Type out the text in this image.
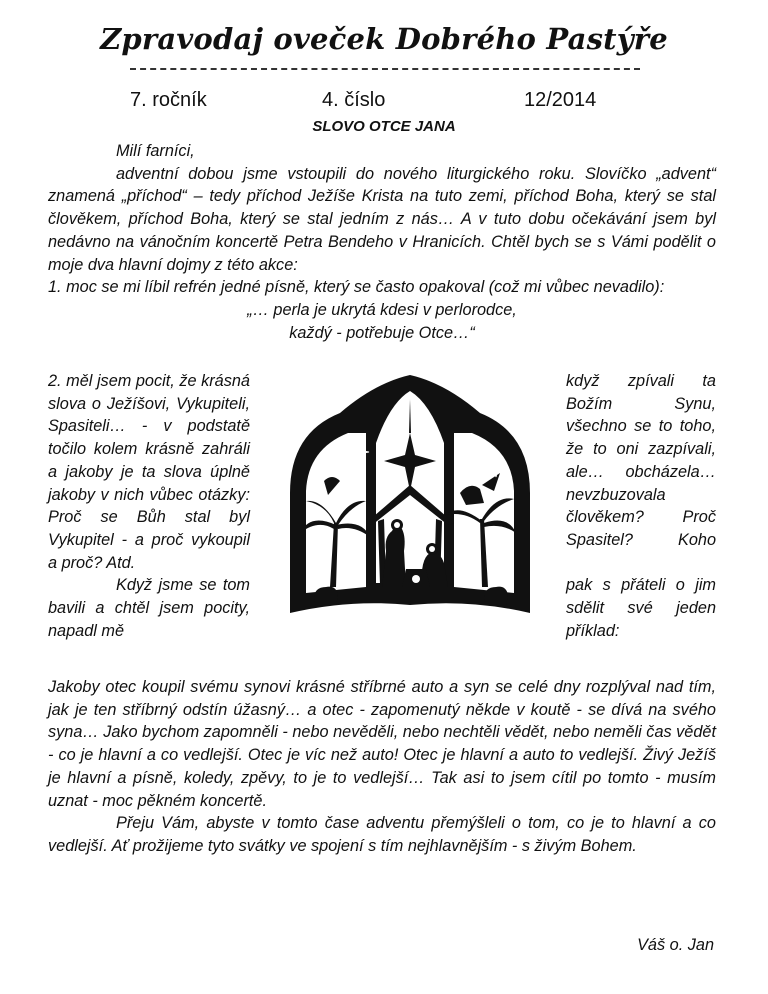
Zpravodaj oveček Dobrého Pastýře
7. ročník	4. číslo	12/2014
SLOVO OTCE JANA

Milí farníci,

adventní dobou jsme vstoupili do nového liturgického roku. Slovíčko „advent“ znamená „příchod“ – tedy příchod Ježíše Krista na tuto zemi, příchod Boha, který se stal člověkem, příchod Boha, který se stal jedním z nás… A v tuto dobu očekávání jsem byl nedávno na vánočním koncertě Petra Bendeho v Hranicích. Chtěl bych se s Vámi podělit o moje dva hlavní dojmy z této akce:

1. moc se mi líbil refrén jedné písně, který se často opakoval (což mi vůbec nevadilo):

„… perla je ukrytá kdesi v perlorodce,

každý - potřebuje Otce…“

2. měl jsem pocit, že krásná slova o Ježíšovi, Vykupiteli, Spasiteli… - v podstatě točilo kolem krásně zahráli a jakoby je ta slova úplně jakoby v nich vůbec otázky: Proč se Bůh stal byl Vykupitel - a proč vykoupil a proč? Atd.

Když jsme se tom bavili a chtěl jsem pocity, napadl mě

když zpívali ta Božím Synu, všechno se to toho, že to oni zazpívali, ale… obcházela… nevzbuzovala člověkem? Proč Spasitel? Koho

pak s přáteli o jim sdělit své jeden příklad:

Jakoby otec koupil svému synovi krásné stříbrné auto a syn se celé dny rozplýval nad tím, jak je ten stříbrný odstín úžasný… a otec - zapomenutý někde v koutě - se dívá na svého syna… Jako bychom zapomněli - nebo nevěděli, nebo nechtěli vědět, nebo neměli čas vědět - co je hlavní a co vedlejší. Otec je víc než auto! Otec je hlavní a auto to vedlejší. Živý Ježíš je hlavní a písně, koledy, zpěvy, to je to vedlejší… Tak asi to jsem cítil po tomto - musím uznat - moc pěkném koncertě.

Přeju Vám, abyste v tomto čase adventu přemýšleli o tom, co je to hlavní a co vedlejší. Ať prožijeme tyto svátky ve spojení s tím nejhlavnějším - s živým Bohem.

Váš o. Jan
